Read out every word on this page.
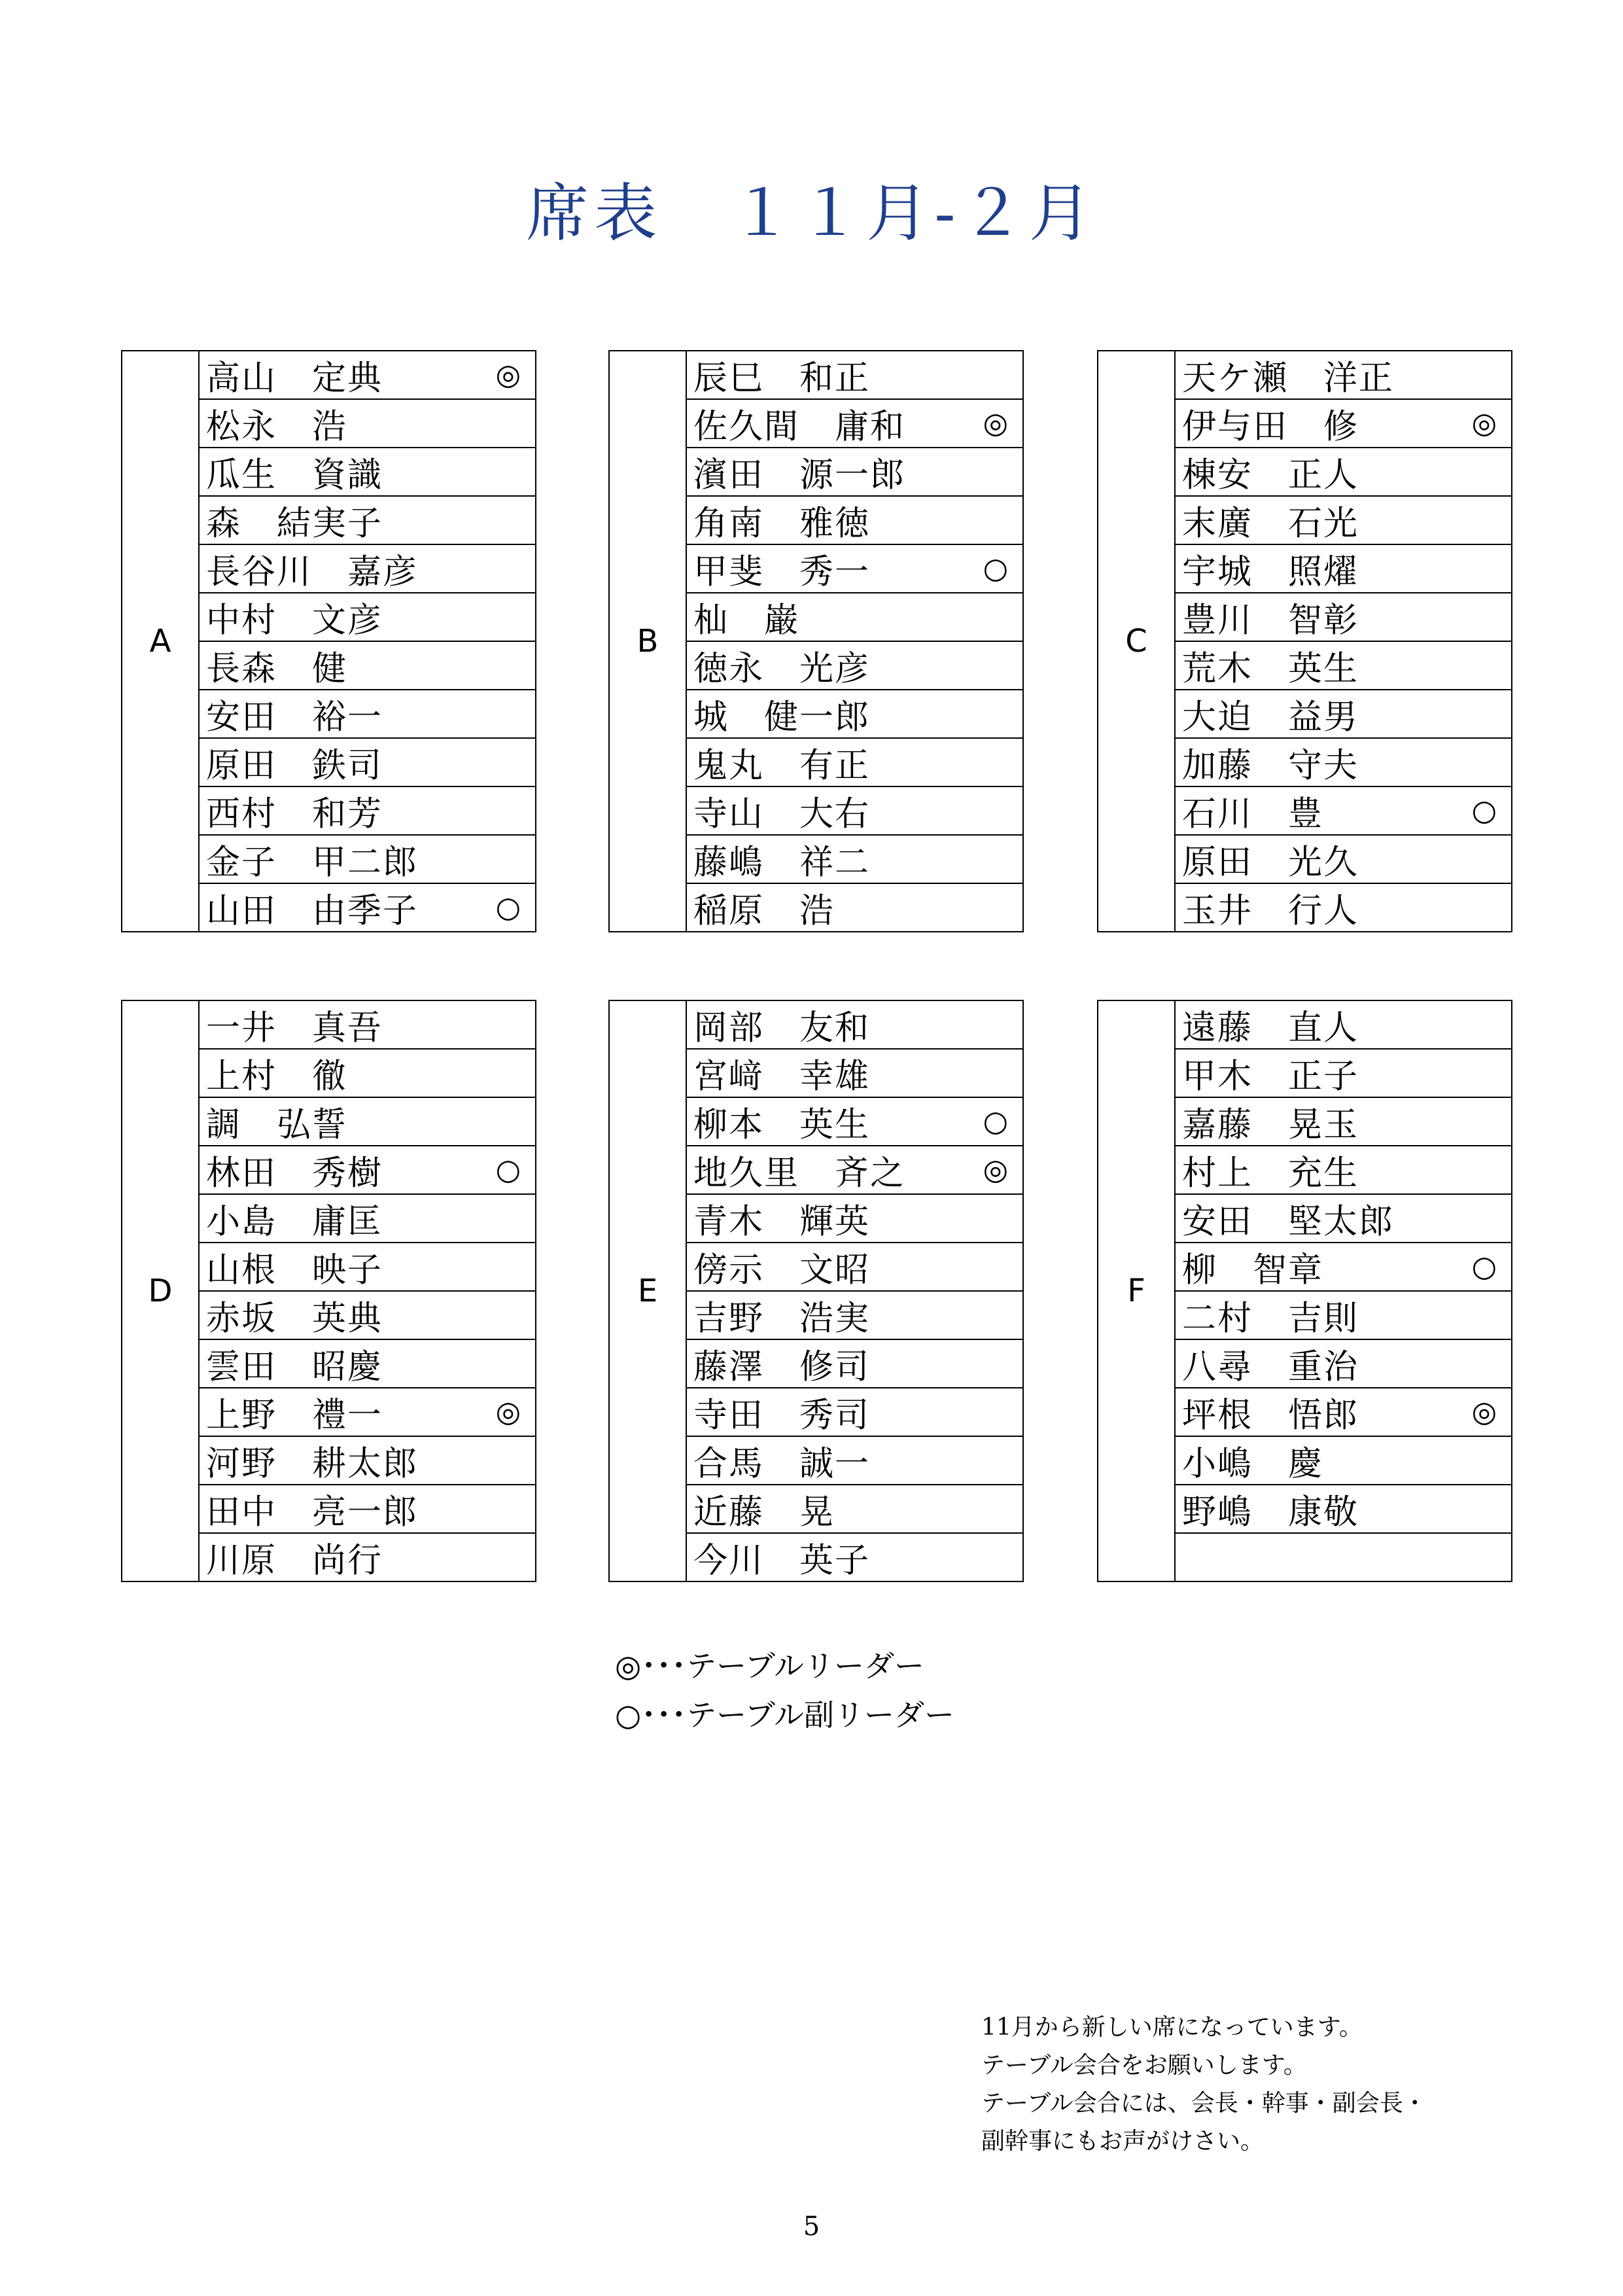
席表　１１月-２月
A	
高山　定典	◎

松永　浩

瓜生　資識

森　結実子

長谷川　嘉彦

中村　文彦

長森　健

安田　裕一

原田　鉄司

西村　和芳

金子　甲二郎

山田　由季子	○
B	
辰巳　和正

佐久間　庸和	◎

濱田　源一郎

角南　雅徳

甲斐　秀一	○

杣　巌

徳永　光彦

城　健一郎

鬼丸　有正

寺山　大右

藤嶋　祥二

稲原　浩
C	
天ケ瀬　洋正

伊与田　修	◎

棟安　正人

末廣　石光

宇城　照燿

豊川　智彰

荒木　英生

大迫　益男

加藤　守夫

石川　豊	○

原田　光久

玉井　行人
D	
一井　真吾

上村　徹

調　弘誓

林田　秀樹	○

小島　庸匡

山根　映子

赤坂　英典

雲田　昭慶

上野　禮一	◎

河野　耕太郎

田中　亮一郎

川原　尚行
E	
岡部　友和

宮﨑　幸雄

柳本　英生	○

地久里　斉之	◎

青木　輝英

傍示　文昭

吉野　浩実

藤澤　修司

寺田　秀司

合馬　誠一

近藤　晃

今川　英子
F	
遠藤　直人

甲木　正子

嘉藤　晃玉

村上　充生

安田　堅太郎

柳　智章	○

二村　吉則

八尋　重治

坪根　悟郎	◎

小嶋　慶

野嶋　康敬

◎･･･テーブルリーダー
○･･･テーブル副リーダー
11月から新しい席になっています。
テーブル会合をお願いします。
テーブル会合には、会長・幹事・副会長・
副幹事にもお声がけさい。
5
